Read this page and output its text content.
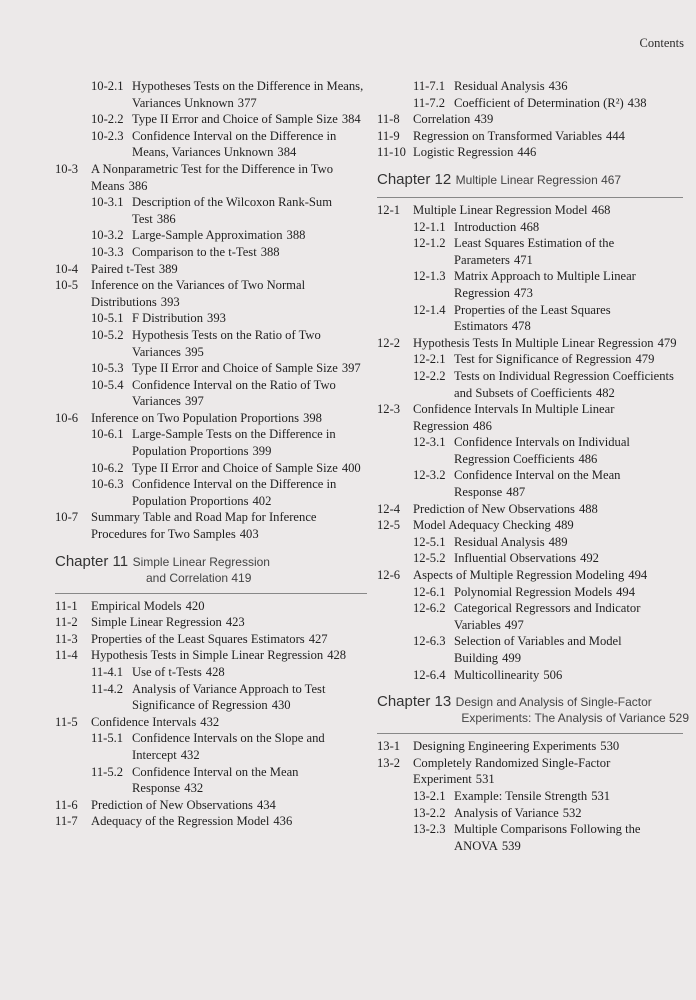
Contents
10-2.1 Hypotheses Tests on the Difference in Means, Variances Unknown 377
10-2.2 Type II Error and Choice of Sample Size 384
10-2.3 Confidence Interval on the Difference in Means, Variances Unknown 384
10-3 A Nonparametric Test for the Difference in Two Means 386
10-3.1 Description of the Wilcoxon Rank-Sum Test 386
10-3.2 Large-Sample Approximation 388
10-3.3 Comparison to the t-Test 388
10-4 Paired t-Test 389
10-5 Inference on the Variances of Two Normal Distributions 393
10-5.1 F Distribution 393
10-5.2 Hypothesis Tests on the Ratio of Two Variances 395
10-5.3 Type II Error and Choice of Sample Size 397
10-5.4 Confidence Interval on the Ratio of Two Variances 397
10-6 Inference on Two Population Proportions 398
10-6.1 Large-Sample Tests on the Difference in Population Proportions 399
10-6.2 Type II Error and Choice of Sample Size 400
10-6.3 Confidence Interval on the Difference in Population Proportions 402
10-7 Summary Table and Road Map for Inference Procedures for Two Samples 403
Chapter 11 Simple Linear Regression
and Correlation 419
11-1 Empirical Models 420
11-2 Simple Linear Regression 423
11-3 Properties of the Least Squares Estimators 427
11-4 Hypothesis Tests in Simple Linear Regression 428
11-4.1 Use of t-Tests 428
11-4.2 Analysis of Variance Approach to Test Significance of Regression 430
11-5 Confidence Intervals 432
11-5.1 Confidence Intervals on the Slope and Intercept 432
11-5.2 Confidence Interval on the Mean Response 432
11-6 Prediction of New Observations 434
11-7 Adequacy of the Regression Model 436
11-7.1 Residual Analysis 436
11-7.2 Coefficient of Determination (R²) 438
11-8 Correlation 439
11-9 Regression on Transformed Variables 444
11-10 Logistic Regression 446
Chapter 12 Multiple Linear Regression 467
12-1 Multiple Linear Regression Model 468
12-1.1 Introduction 468
12-1.2 Least Squares Estimation of the Parameters 471
12-1.3 Matrix Approach to Multiple Linear Regression 473
12-1.4 Properties of the Least Squares Estimators 478
12-2 Hypothesis Tests In Multiple Linear Regression 479
12-2.1 Test for Significance of Regression 479
12-2.2 Tests on Individual Regression Coefficients and Subsets of Coefficients 482
12-3 Confidence Intervals In Multiple Linear Regression 486
12-3.1 Confidence Intervals on Individual Regression Coefficients 486
12-3.2 Confidence Interval on the Mean Response 487
12-4 Prediction of New Observations 488
12-5 Model Adequacy Checking 489
12-5.1 Residual Analysis 489
12-5.2 Influential Observations 492
12-6 Aspects of Multiple Regression Modeling 494
12-6.1 Polynomial Regression Models 494
12-6.2 Categorical Regressors and Indicator Variables 497
12-6.3 Selection of Variables and Model Building 499
12-6.4 Multicollinearity 506
Chapter 13 Design and Analysis of Single-Factor
Experiments: The Analysis of Variance 529
13-1 Designing Engineering Experiments 530
13-2 Completely Randomized Single-Factor Experiment 531
13-2.1 Example: Tensile Strength 531
13-2.2 Analysis of Variance 532
13-2.3 Multiple Comparisons Following the ANOVA 539
